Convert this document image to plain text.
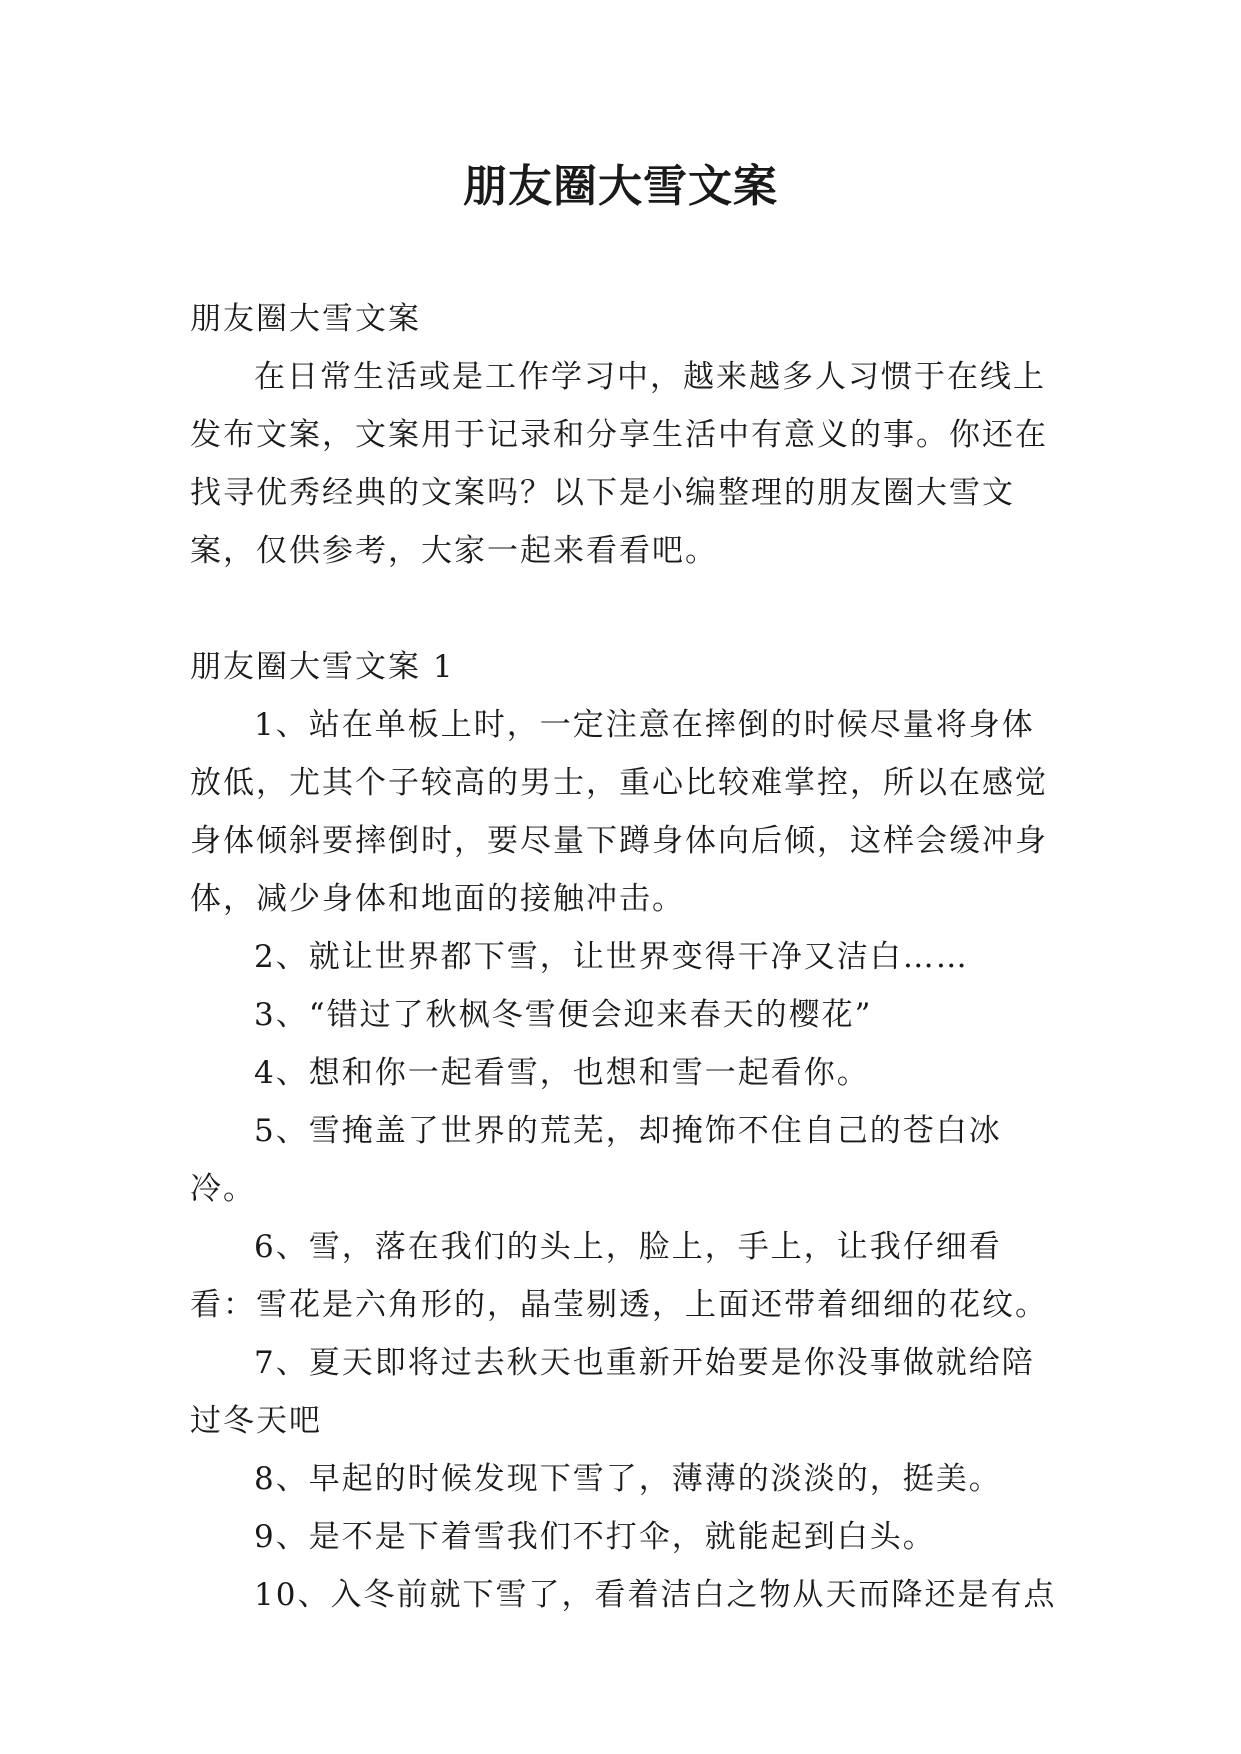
朋友圈大雪文案

朋友圈大雪文案

在日常生活或是工作学习中，越来越多人习惯于在线上发布文案，文案用于记录和分享生活中有意义的事。你还在找寻优秀经典的文案吗？以下是小编整理的朋友圈大雪文案，仅供参考，大家一起来看看吧。

朋友圈大雪文案 1

1、站在单板上时，一定注意在摔倒的时候尽量将身体放低，尤其个子较高的男士，重心比较难掌控，所以在感觉身体倾斜要摔倒时，要尽量下蹲身体向后倾，这样会缓冲身体，减少身体和地面的接触冲击。

2、就让世界都下雪，让世界变得干净又洁白……

3、“错过了秋枫冬雪便会迎来春天的樱花”

4、想和你一起看雪，也想和雪一起看你。

5、雪掩盖了世界的荒芜，却掩饰不住自己的苍白冰冷。

6、雪，落在我们的头上，脸上，手上，让我仔细看看：雪花是六角形的，晶莹剔透，上面还带着细细的花纹。

7、夏天即将过去秋天也重新开始要是你没事做就给陪过冬天吧

8、早起的时候发现下雪了，薄薄的淡淡的，挺美。

9、是不是下着雪我们不打伞，就能起到白头。

10、入冬前就下雪了，看着洁白之物从天而降还是有点
